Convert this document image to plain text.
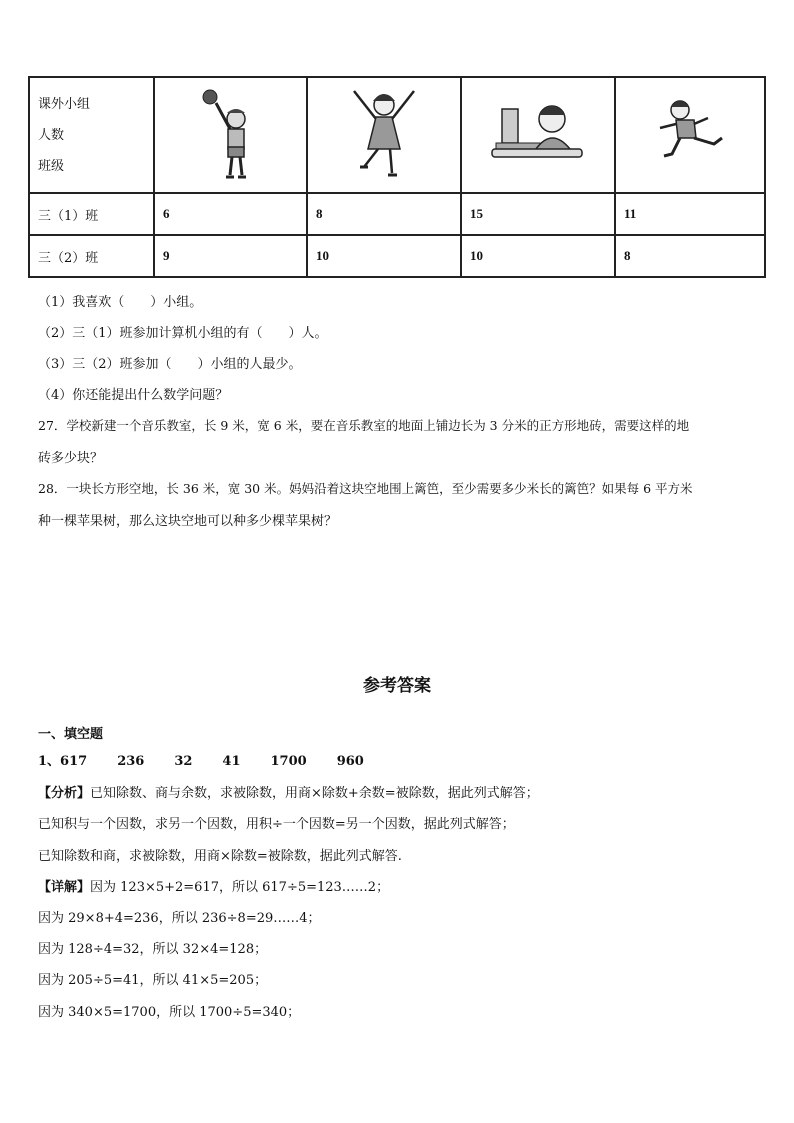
课外小组
人数
班级

三（1）班	6	8	15	11
三（2）班	9	10	10	8
（1）我喜欢（　　）小组。
（2）三（1）班参加计算机小组的有（　　）人。
（3）三（2）班参加（　　）小组的人最少。
（4）你还能提出什么数学问题？
27．学校新建一个音乐教室，长 9 米，宽 6 米，要在音乐教室的地面上铺边长为 3 分米的正方形地砖，需要这样的地
砖多少块？
28．一块长方形空地，长 36 米，宽 30 米。妈妈沿着这块空地围上篱笆，至少需要多少米长的篱笆？如果每 6 平方米
种一棵苹果树，那么这块空地可以种多少棵苹果树？
参考答案
一、填空题
1、617 236 32 41 1700 960
【分析】已知除数、商与余数，求被除数，用商×除数+余数=被除数，据此列式解答；
已知积与一个因数，求另一个因数，用积÷一个因数=另一个因数，据此列式解答；
已知除数和商，求被除数，用商×除数=被除数，据此列式解答.
【详解】因为 123×5+2=617，所以 617÷5=123……2；
因为 29×8+4=236，所以 236÷8=29……4；
因为 128÷4=32，所以 32×4=128；
因为 205÷5=41，所以 41×5=205；
因为 340×5=1700，所以 1700÷5=340；
